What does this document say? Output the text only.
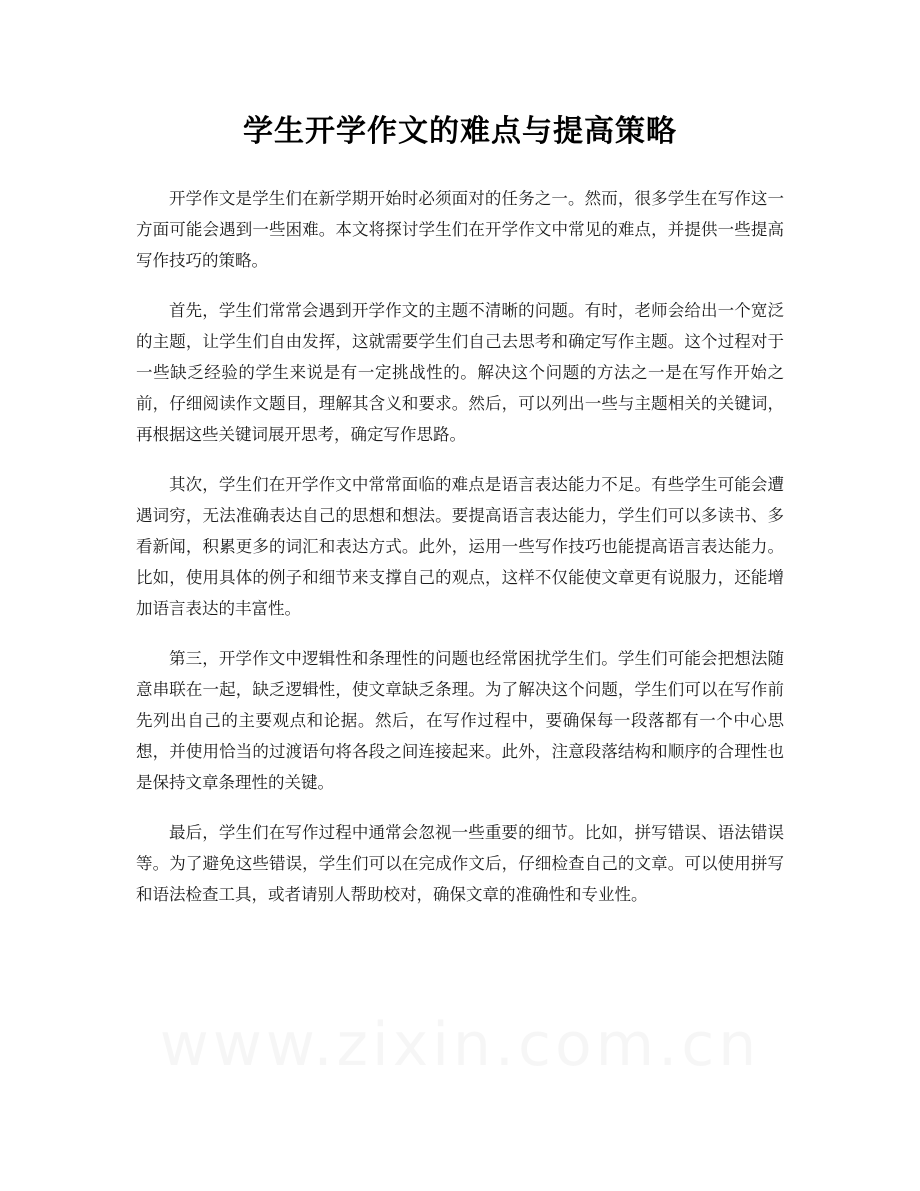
学生开学作文的难点与提高策略

开学作文是学生们在新学期开始时必须面对的任务之一。然而，很多学生在写作这一方面可能会遇到一些困难。本文将探讨学生们在开学作文中常见的难点，并提供一些提高写作技巧的策略。

首先，学生们常常会遇到开学作文的主题不清晰的问题。有时，老师会给出一个宽泛的主题，让学生们自由发挥，这就需要学生们自己去思考和确定写作主题。这个过程对于一些缺乏经验的学生来说是有一定挑战性的。解决这个问题的方法之一是在写作开始之前，仔细阅读作文题目，理解其含义和要求。然后，可以列出一些与主题相关的关键词，再根据这些关键词展开思考，确定写作思路。

其次，学生们在开学作文中常常面临的难点是语言表达能力不足。有些学生可能会遭遇词穷，无法准确表达自己的思想和想法。要提高语言表达能力，学生们可以多读书、多看新闻，积累更多的词汇和表达方式。此外，运用一些写作技巧也能提高语言表达能力。比如，使用具体的例子和细节来支撑自己的观点，这样不仅能使文章更有说服力，还能增加语言表达的丰富性。

第三，开学作文中逻辑性和条理性的问题也经常困扰学生们。学生们可能会把想法随意串联在一起，缺乏逻辑性，使文章缺乏条理。为了解决这个问题，学生们可以在写作前先列出自己的主要观点和论据。然后，在写作过程中，要确保每一段落都有一个中心思想，并使用恰当的过渡语句将各段之间连接起来。此外，注意段落结构和顺序的合理性也是保持文章条理性的关键。

最后，学生们在写作过程中通常会忽视一些重要的细节。比如，拼写错误、语法错误等。为了避免这些错误，学生们可以在完成作文后，仔细检查自己的文章。可以使用拼写和语法检查工具，或者请别人帮助校对，确保文章的准确性和专业性。
